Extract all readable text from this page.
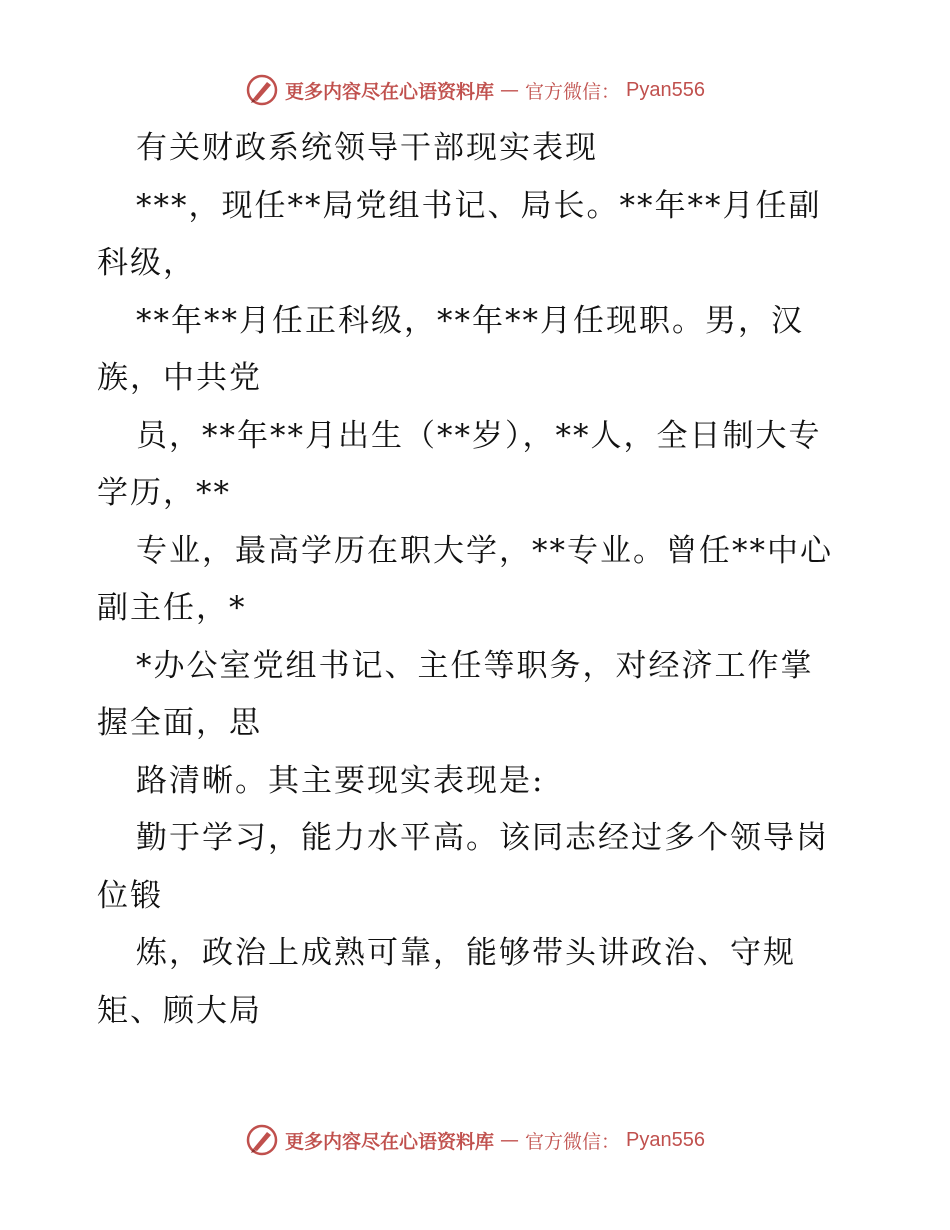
更多内容尽在心语资料库 — 官方微信： Pyan556
有关财政系统领导干部现实表现
***，现任**局党组书记、局长。**年**月任副
科级，
**年**月任正科级，**年**月任现职。男，汉
族，中共党
员，**年**月出生（**岁），**人，全日制大专
学历，**
专业，最高学历在职大学，**专业。曾任**中心
副主任，*
*办公室党组书记、主任等职务，对经济工作掌
握全面，思
路清晰。其主要现实表现是:
勤于学习，能力水平高。该同志经过多个领导岗
位锻
炼，政治上成熟可靠，能够带头讲政治、守规
矩、顾大局
更多内容尽在心语资料库 — 官方微信： Pyan556
